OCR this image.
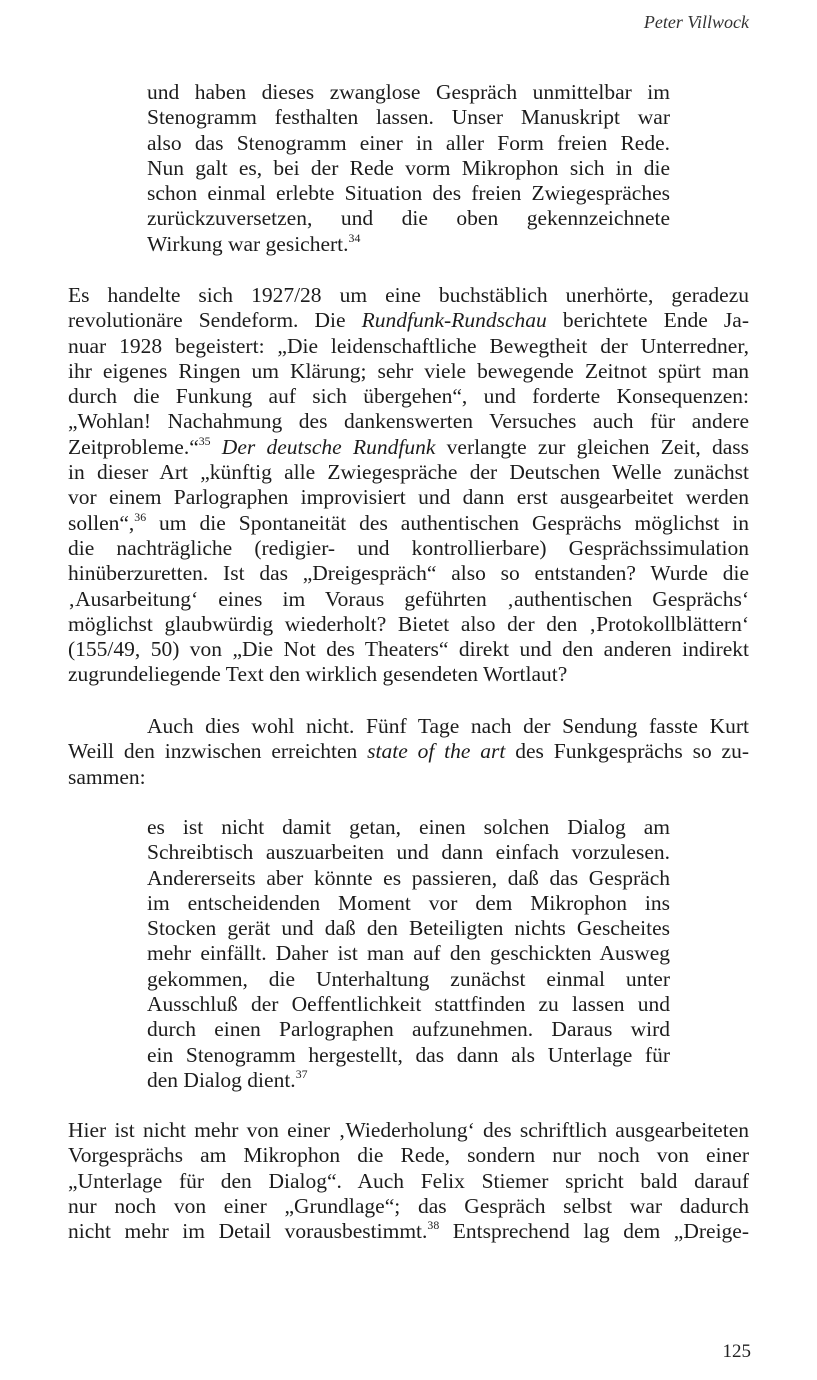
Peter Villwock
und haben dieses zwanglose Gespräch unmittelbar im
Stenogramm festhalten lassen. Unser Manuskript war
also das Stenogramm einer in aller Form freien Rede.
Nun galt es, bei der Rede vorm Mikrophon sich in die
schon einmal erlebte Situation des freien Zwiegespräches
zurückzuversetzen, und die oben gekennzeichnete
Wirkung war gesichert.$^{34}$
Es handelte sich 1927/28 um eine buchstäblich unerhörte, geradezu
revolutionäre Sendeform. Die Rundfunk-Rundschau berichtete Ende Ja-
nuar 1928 begeistert: „Die leidenschaftliche Bewegtheit der Unterredner,
ihr eigenes Ringen um Klärung; sehr viele bewegende Zeitnot spürt man
durch die Funkung auf sich übergehen“, und forderte Konsequenzen:
„Wohlan! Nachahmung des dankenswerten Versuches auch für andere
Zeitprobleme.“$^{35}$ Der deutsche Rundfunk verlangte zur gleichen Zeit, dass
in dieser Art „künftig alle Zwiegespräche der Deutschen Welle zunächst
vor einem Parlographen improvisiert und dann erst ausgearbeitet werden
sollen“,$^{36}$ um die Spontaneität des authentischen Gesprächs möglichst in
die nachträgliche (redigier- und kontrollierbare) Gesprächssimulation
hinüberzuretten. Ist das „Dreigespräch“ also so entstanden? Wurde die
‚Ausarbeitung‘ eines im Voraus geführten ‚authentischen Gesprächs‘
möglichst glaubwürdig wiederholt? Bietet also der den ‚Protokollblättern‘
(155/49, 50) von „Die Not des Theaters“ direkt und den anderen indirekt
zugrundeliegende Text den wirklich gesendeten Wortlaut?
Auch dies wohl nicht. Fünf Tage nach der Sendung fasste Kurt
Weill den inzwischen erreichten state of the art des Funkgesprächs so zu-
sammen:
es ist nicht damit getan, einen solchen Dialog am
Schreibtisch auszuarbeiten und dann einfach vorzulesen.
Andererseits aber könnte es passieren, daß das Gespräch
im entscheidenden Moment vor dem Mikrophon ins
Stocken gerät und daß den Beteiligten nichts Gescheites
mehr einfällt. Daher ist man auf den geschickten Ausweg
gekommen, die Unterhaltung zunächst einmal unter
Ausschluß der Oeffentlichkeit stattfinden zu lassen und
durch einen Parlographen aufzunehmen. Daraus wird
ein Stenogramm hergestellt, das dann als Unterlage für
den Dialog dient.$^{37}$
Hier ist nicht mehr von einer ‚Wiederholung‘ des schriftlich ausgearbeiteten
Vorgesprächs am Mikrophon die Rede, sondern nur noch von einer
„Unterlage für den Dialog“. Auch Felix Stiemer spricht bald darauf
nur noch von einer „Grundlage“; das Gespräch selbst war dadurch
nicht mehr im Detail vorausbestimmt.$^{38}$ Entsprechend lag dem „Dreige-
125
